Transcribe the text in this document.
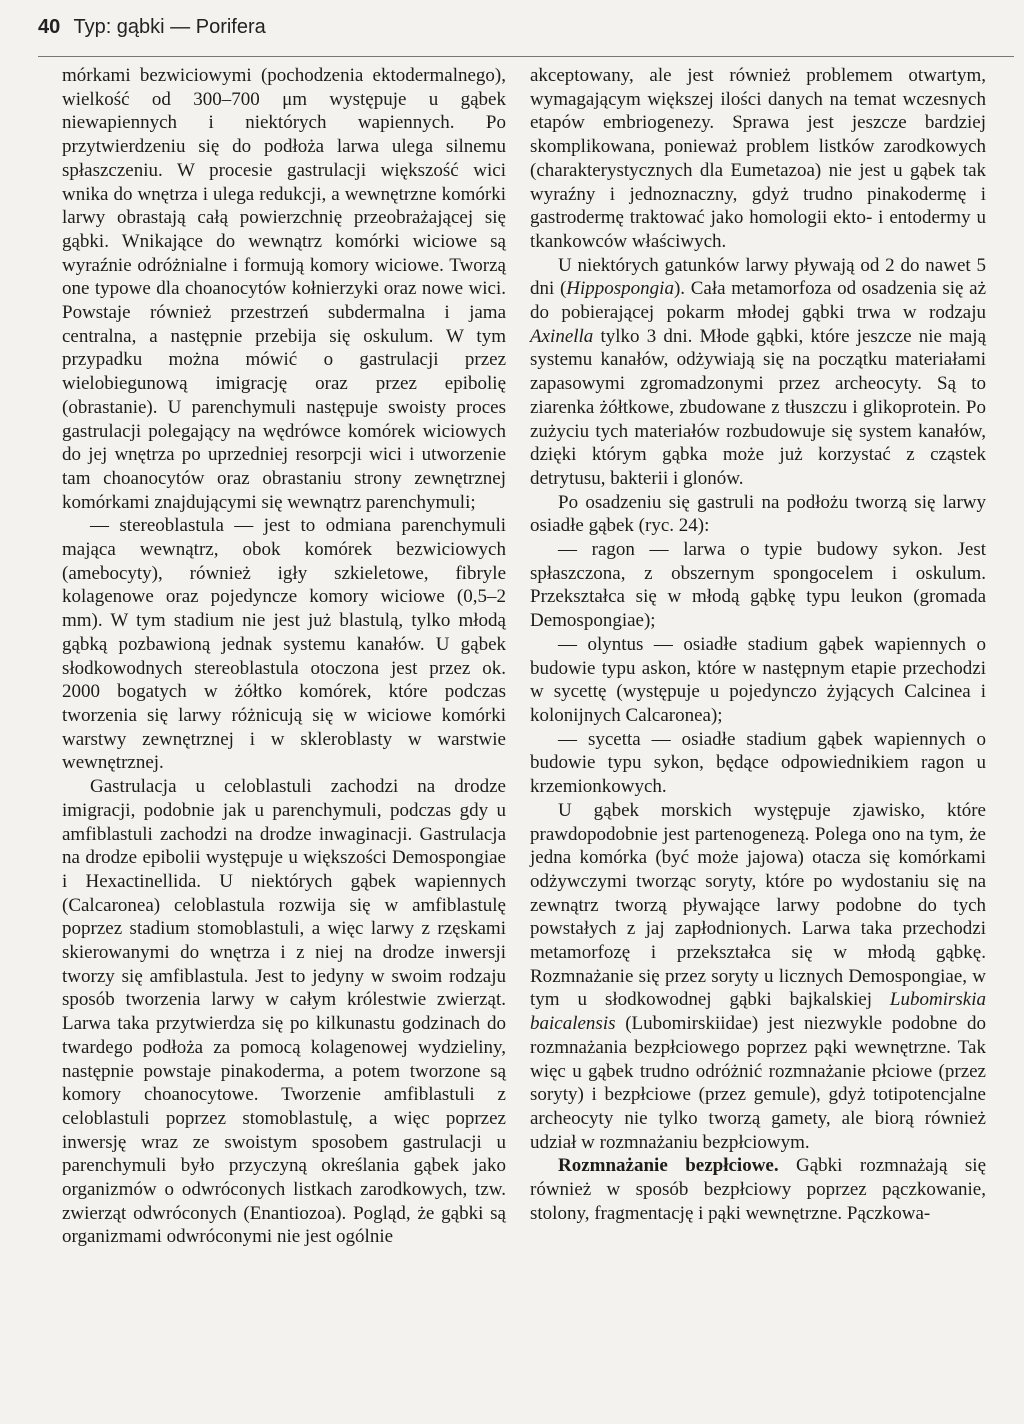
40 Typ: gąbki — Porifera

mórkami bezwiciowymi (pochodzenia ektodermalnego), wielkość od 300–700 μm występuje u gąbek niewapiennych i niektórych wapiennych. Po przytwierdzeniu się do podłoża larwa ulega silnemu spłaszczeniu. W procesie gastrulacji większość wici wnika do wnętrza i ulega redukcji, a wewnętrzne komórki larwy obrastają całą powierzchnię przeobrażającej się gąbki. Wnikające do wewnątrz komórki wiciowe są wyraźnie odróżnialne i formują komory wiciowe. Tworzą one typowe dla choanocytów kołnierzyki oraz nowe wici. Powstaje również przestrzeń subdermalna i jama centralna, a następnie przebija się oskulum. W tym przypadku można mówić o gastrulacji przez wielobiegunową imigrację oraz przez epibolię (obrastanie). U parenchymuli następuje swoisty proces gastrulacji polegający na wędrówce komórek wiciowych do jej wnętrza po uprzedniej resorpcji wici i utworzenie tam choanocytów oraz obrastaniu strony zewnętrznej komórkami znajdującymi się wewnątrz parenchymuli;

— stereoblastula — jest to odmiana parenchymuli mająca wewnątrz, obok komórek bezwiciowych (amebocyty), również igły szkieletowe, fibryle kolagenowe oraz pojedyncze komory wiciowe (0,5–2 mm). W tym stadium nie jest już blastulą, tylko młodą gąbką pozbawioną jednak systemu kanałów. U gąbek słodkowodnych stereoblastula otoczona jest przez ok. 2000 bogatych w żółtko komórek, które podczas tworzenia się larwy różnicują się w wiciowe komórki warstwy zewnętrznej i w skleroblasty w warstwie wewnętrznej.

Gastrulacja u celoblastuli zachodzi na drodze imigracji, podobnie jak u parenchymuli, podczas gdy u amfiblastuli zachodzi na drodze inwaginacji. Gastrulacja na drodze epibolii występuje u większości Demospongiae i Hexactinellida. U niektórych gąbek wapiennych (Calcaronea) celoblastula rozwija się w amfiblastulę poprzez stadium stomoblastuli, a więc larwy z rzęskami skierowanymi do wnętrza i z niej na drodze inwersji tworzy się amfiblastula. Jest to jedyny w swoim rodzaju sposób tworzenia larwy w całym królestwie zwierząt. Larwa taka przytwierdza się po kilkunastu godzinach do twardego podłoża za pomocą kolagenowej wydzieliny, następnie powstaje pinakoderma, a potem tworzone są komory choanocytowe. Tworzenie amfiblastuli z celoblastuli poprzez stomoblastulę, a więc poprzez inwersję wraz ze swoistym sposobem gastrulacji u parenchymuli było przyczyną określania gąbek jako organizmów o odwróconych listkach zarodkowych, tzw. zwierząt odwróconych (Enantiozoa). Pogląd, że gąbki są organizmami odwróconymi nie jest ogólnie

akceptowany, ale jest również problemem otwartym, wymagającym większej ilości danych na temat wczesnych etapów embriogenezy. Sprawa jest jeszcze bardziej skomplikowana, ponieważ problem listków zarodkowych (charakterystycznych dla Eumetazoa) nie jest u gąbek tak wyraźny i jednoznaczny, gdyż trudno pinakodermę i gastrodermę traktować jako homologii ekto- i entodermy u tkankowców właściwych.

U niektórych gatunków larwy pływają od 2 do nawet 5 dni (Hippospongia). Cała metamorfoza od osadzenia się aż do pobierającej pokarm młodej gąbki trwa w rodzaju Axinella tylko 3 dni. Młode gąbki, które jeszcze nie mają systemu kanałów, odżywiają się na początku materiałami zapasowymi zgromadzonymi przez archeocyty. Są to ziarenka żółtkowe, zbudowane z tłuszczu i glikoprotein. Po zużyciu tych materiałów rozbudowuje się system kanałów, dzięki którym gąbka może już korzystać z cząstek detrytusu, bakterii i glonów.

Po osadzeniu się gastruli na podłożu tworzą się larwy osiadłe gąbek (ryc. 24):

— ragon — larwa o typie budowy sykon. Jest spłaszczona, z obszernym spongocelem i oskulum. Przekształca się w młodą gąbkę typu leukon (gromada Demospongiae);

— olyntus — osiadłe stadium gąbek wapiennych o budowie typu askon, które w następnym etapie przechodzi w sycettę (występuje u pojedynczo żyjących Calcinea i kolonijnych Calcaronea);

— sycetta — osiadłe stadium gąbek wapiennych o budowie typu sykon, będące odpowiednikiem ragon u krzemionkowych.

U gąbek morskich występuje zjawisko, które prawdopodobnie jest partenogenezą. Polega ono na tym, że jedna komórka (być może jajowa) otacza się komórkami odżywczymi tworząc soryty, które po wydostaniu się na zewnątrz tworzą pływające larwy podobne do tych powstałych z jaj zapłodnionych. Larwa taka przechodzi metamorfozę i przekształca się w młodą gąbkę. Rozmnażanie się przez soryty u licznych Demospongiae, w tym u słodkowodnej gąbki bajkalskiej Lubomirskia baicalensis (Lubomirskiidae) jest niezwykle podobne do rozmnażania bezpłciowego poprzez pąki wewnętrzne. Tak więc u gąbek trudno odróżnić rozmnażanie płciowe (przez soryty) i bezpłciowe (przez gemule), gdyż totipotencjalne archeocyty nie tylko tworzą gamety, ale biorą również udział w rozmnażaniu bezpłciowym.

Rozmnażanie bezpłciowe. Gąbki rozmnażają się również w sposób bezpłciowy poprzez pączkowanie, stolony, fragmentację i pąki wewnętrzne. Pączkowa-
